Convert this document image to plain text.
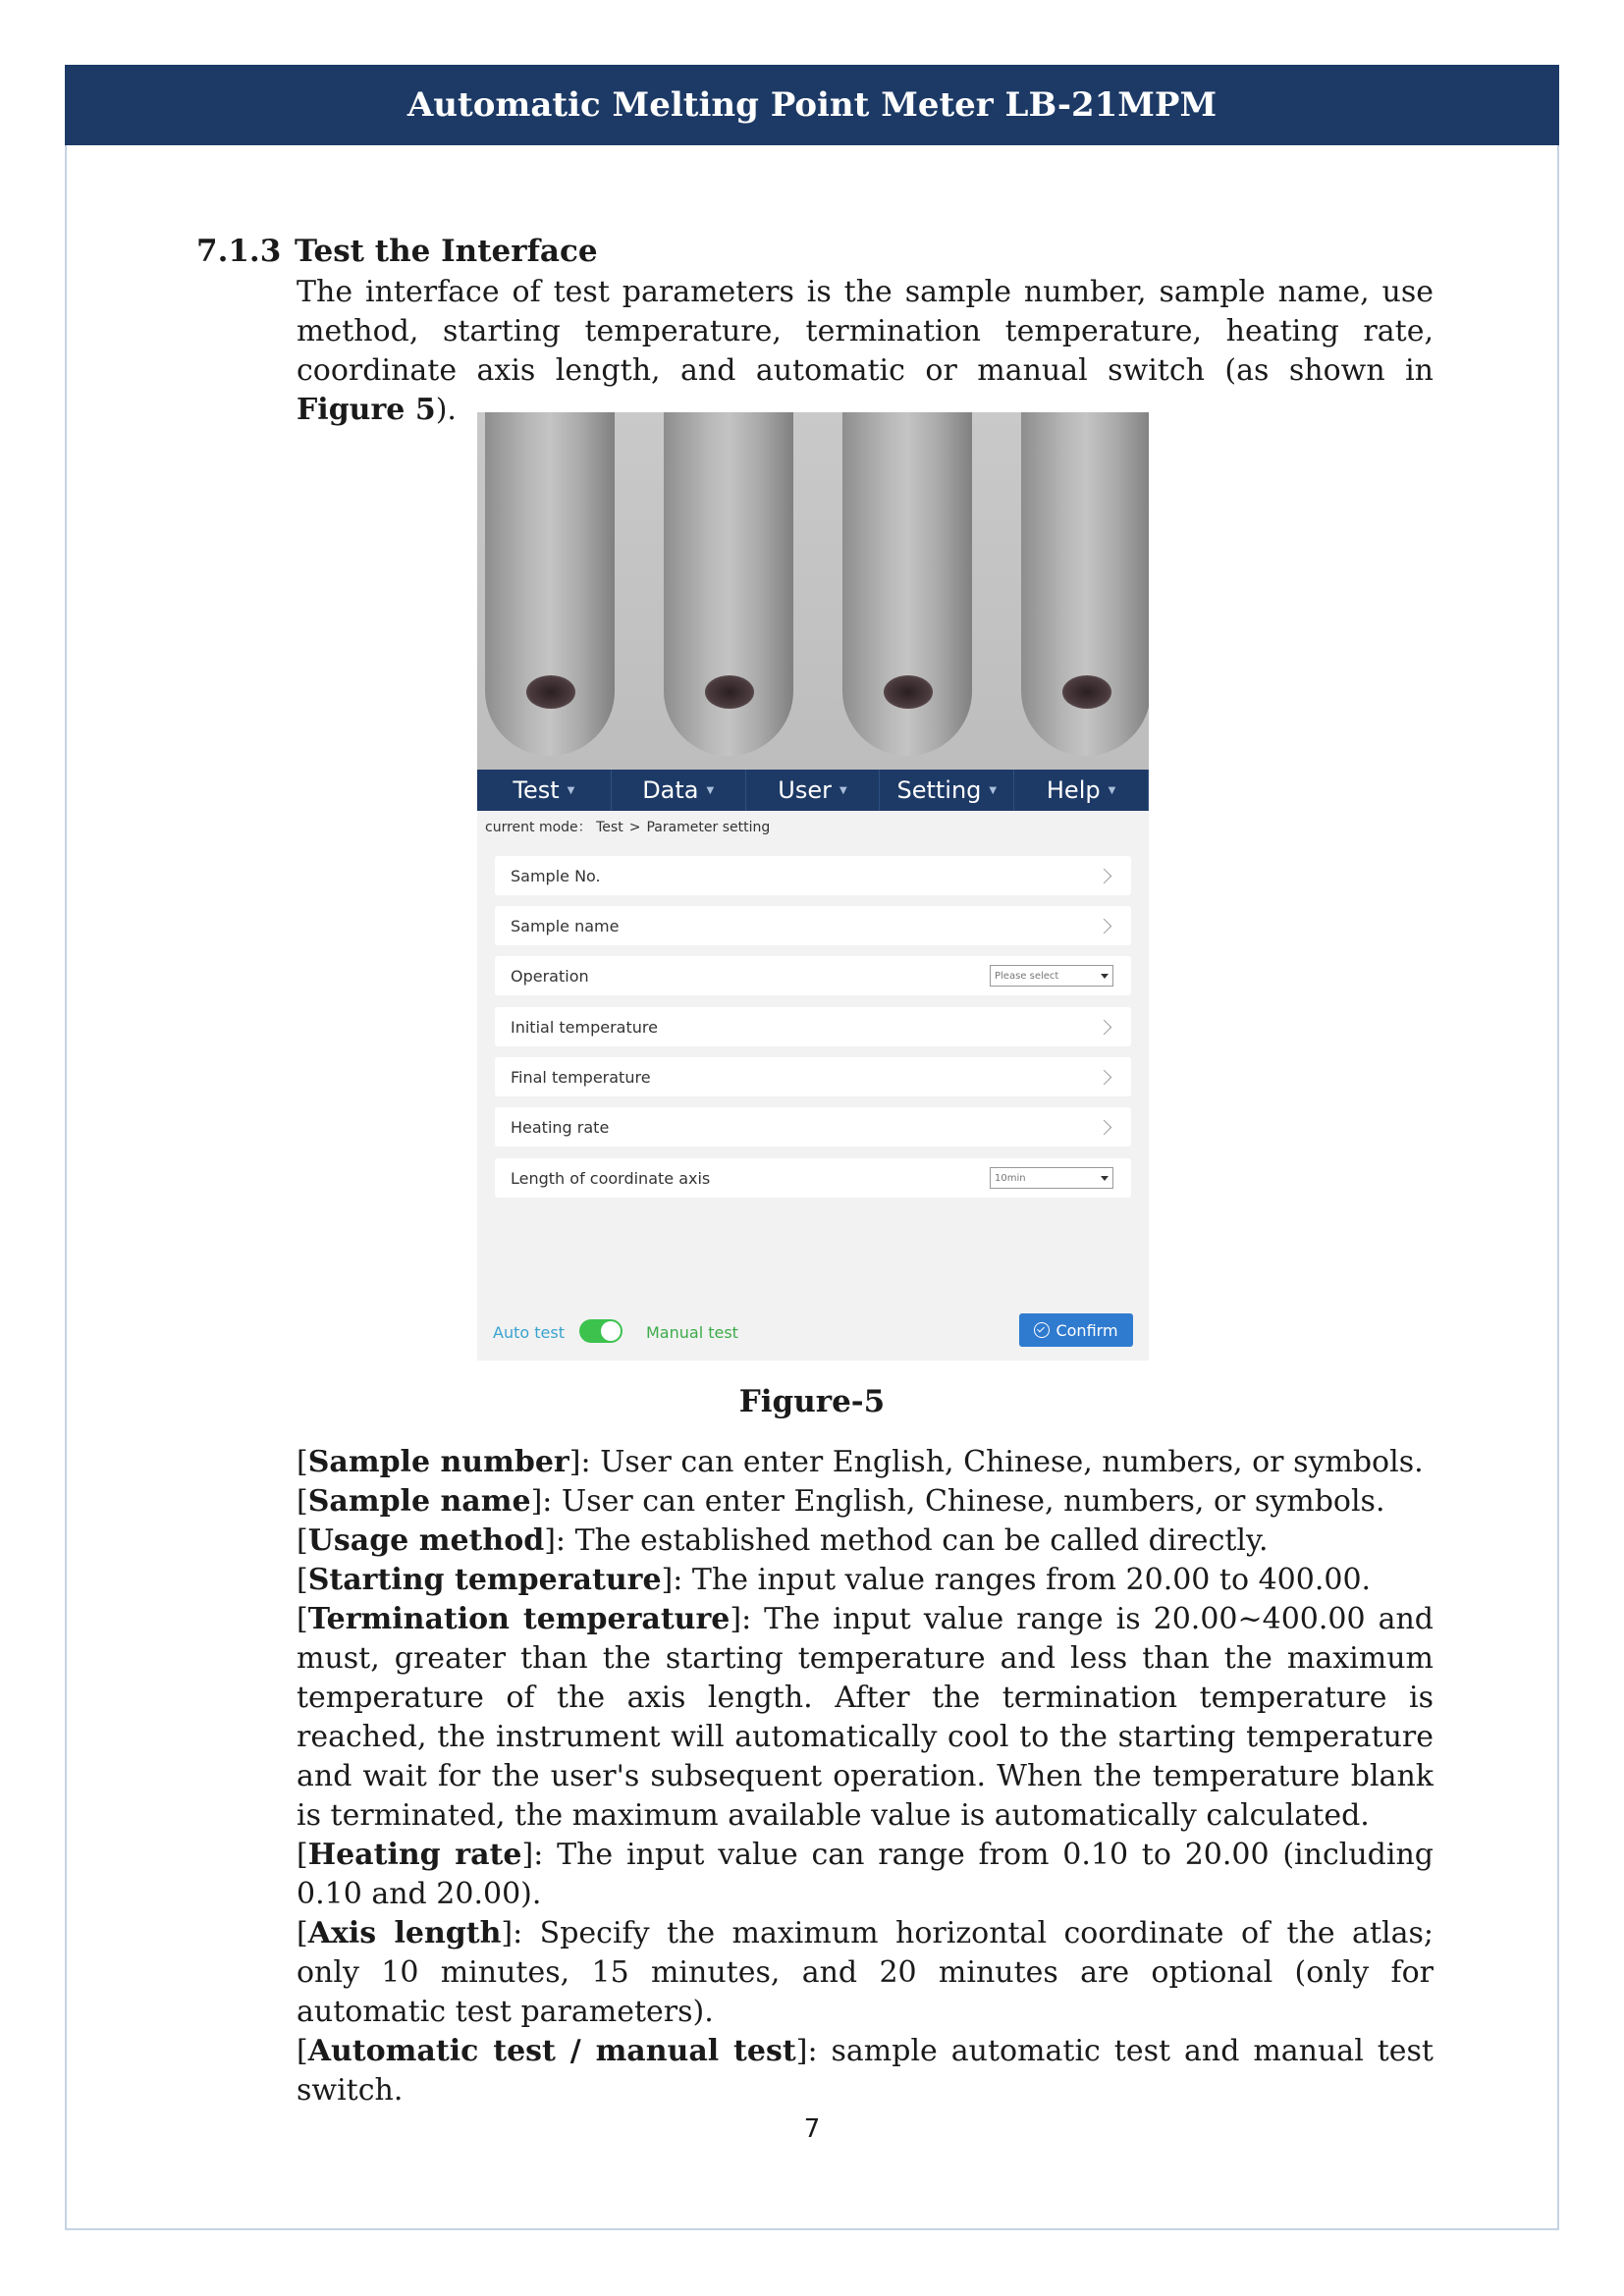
Automatic Melting Point Meter LB-21MPM
7.1.3 Test the Interface
The interface of test parameters is the sample number, sample name, use method, starting temperature, termination temperature, heating rate, coordinate axis length, and automatic or manual switch (as shown in Figure 5).
Test ▼	Data ▼	User ▼ Setting ▼ Help ▼
current mode： Test > Parameter setting
Sample No.
Sample name
Operation	Please select
Initial temperature
Final temperature
Heating rate
Length of coordinate axis	10min
Auto test	Manual test	Confirm
Figure-5
[Sample number]: User can enter English, Chinese, numbers, or symbols.
[Sample name]: User can enter English, Chinese, numbers, or symbols.
[Usage method]: The established method can be called directly.
[Starting temperature]: The input value ranges from 20.00 to 400.00.
[Termination temperature]: The input value range is 20.00~400.00 and must, greater than the starting temperature and less than the maximum temperature of the axis length. After the termination temperature is reached, the instrument will automatically cool to the starting temperature and wait for the user's subsequent operation. When the temperature blank is terminated, the maximum available value is automatically calculated.
[Heating rate]: The input value can range from 0.10 to 20.00 (including 0.10 and 20.00).
[Axis length]: Specify the maximum horizontal coordinate of the atlas; only 10 minutes, 15 minutes, and 20 minutes are optional (only for automatic test parameters).
[Automatic test / manual test]: sample automatic test and manual test switch.
7
